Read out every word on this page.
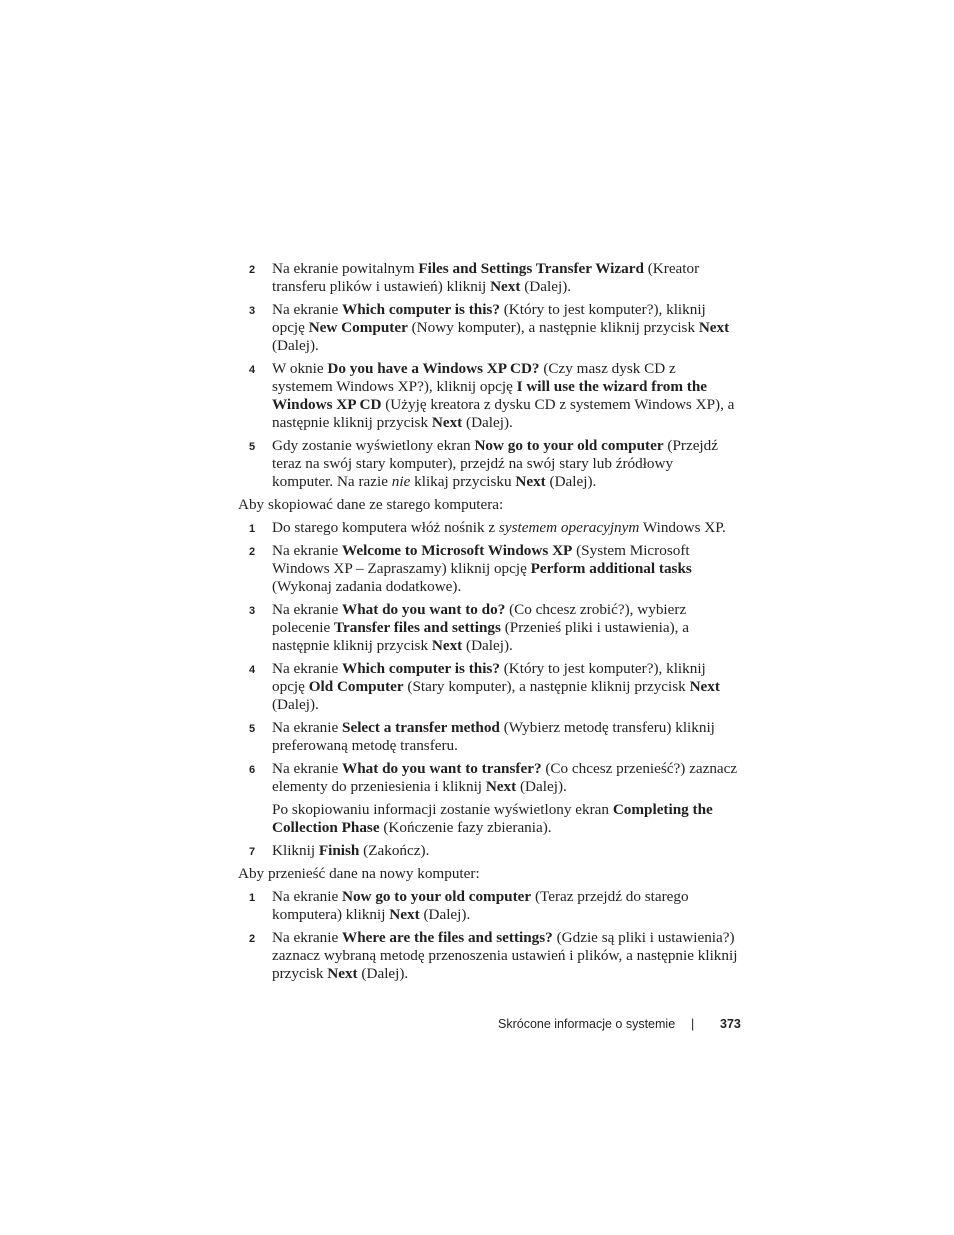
2 Na ekranie powitalnym Files and Settings Transfer Wizard (Kreator transferu plików i ustawień) kliknij Next (Dalej).
3 Na ekranie Which computer is this? (Który to jest komputer?), kliknij opcję New Computer (Nowy komputer), a następnie kliknij przycisk Next (Dalej).
4 W oknie Do you have a Windows XP CD? (Czy masz dysk CD z systemem Windows XP?), kliknij opcję I will use the wizard from the Windows XP CD (Użyję kreatora z dysku CD z systemem Windows XP), a następnie kliknij przycisk Next (Dalej).
5 Gdy zostanie wyświetlony ekran Now go to your old computer (Przejdź teraz na swój stary komputer), przejdź na swój stary lub źródłowy komputer. Na razie nie klikaj przycisku Next (Dalej).
Aby skopiować dane ze starego komputera:
1 Do starego komputera włóż nośnik z systemem operacyjnym Windows XP.
2 Na ekranie Welcome to Microsoft Windows XP (System Microsoft Windows XP – Zapraszamy) kliknij opcję Perform additional tasks (Wykonaj zadania dodatkowe).
3 Na ekranie What do you want to do? (Co chcesz zrobić?), wybierz polecenie Transfer files and settings (Przenieś pliki i ustawienia), a następnie kliknij przycisk Next (Dalej).
4 Na ekranie Which computer is this? (Który to jest komputer?), kliknij opcję Old Computer (Stary komputer), a następnie kliknij przycisk Next (Dalej).
5 Na ekranie Select a transfer method (Wybierz metodę transferu) kliknij preferowaną metodę transferu.
6 Na ekranie What do you want to transfer? (Co chcesz przenieść?) zaznacz elementy do przeniesienia i kliknij Next (Dalej).
Po skopiowaniu informacji zostanie wyświetlony ekran Completing the Collection Phase (Kończenie fazy zbierania).
7 Kliknij Finish (Zakończ).
Aby przenieść dane na nowy komputer:
1 Na ekranie Now go to your old computer (Teraz przejdź do starego komputera) kliknij Next (Dalej).
2 Na ekranie Where are the files and settings? (Gdzie są pliki i ustawienia?) zaznacz wybraną metodę przenoszenia ustawień i plików, a następnie kliknij przycisk Next (Dalej).
Skrócone informacje o systemie | 373
